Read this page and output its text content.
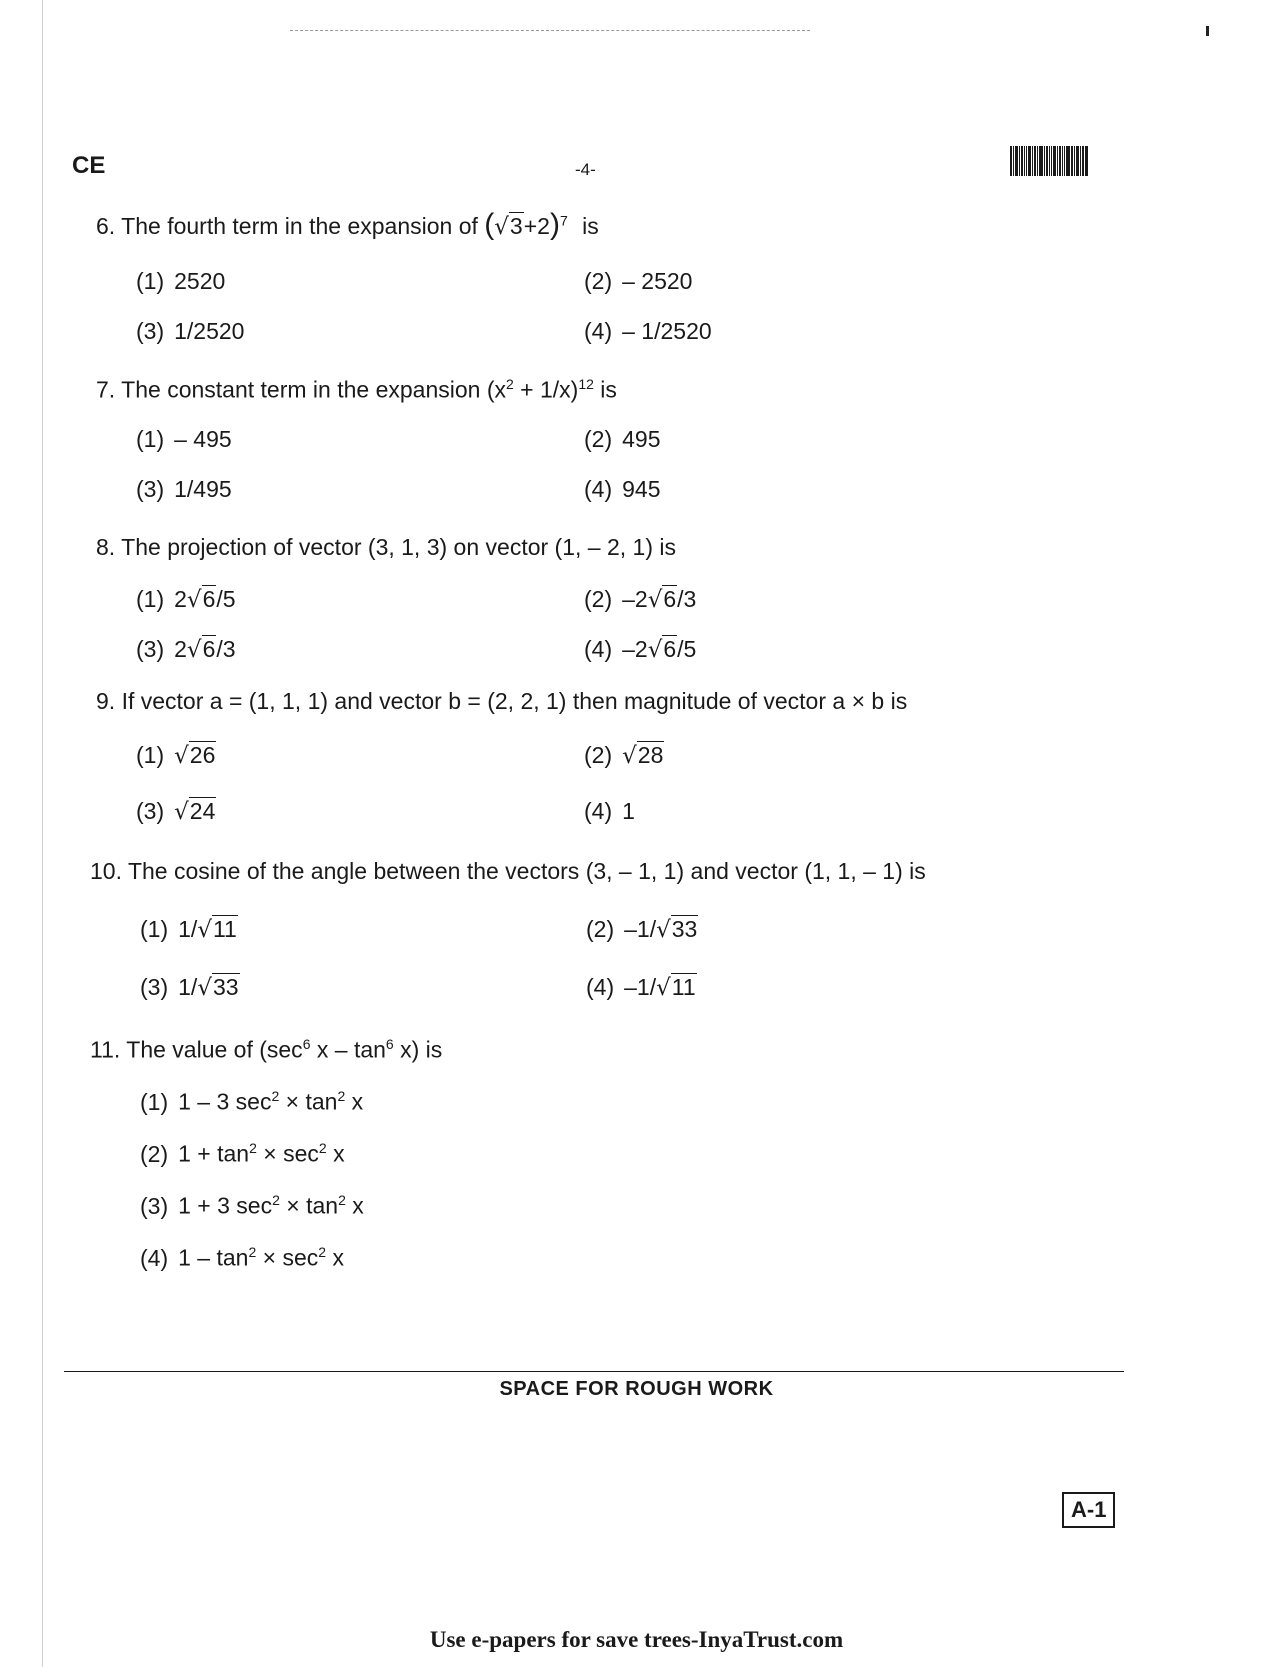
CE	-4-
6. The fourth term in the expansion of $(√3+2)^7$ is
(1) 2520	(2) – 2520
(3) 1/2520	(4) – 1/2520
7. The constant term in the expansion $(x^2 + 1/x)^{12}$ is
(1) – 495	(2) 495
(3) 1/495	(4) 945
8. The projection of vector (3, 1, 3) on vector (1, – 2, 1) is
(1) 2√6/5	(2) –2√6/3
(3) 2√6/3	(4) –2√6/5
9. If vector a = (1, 1, 1) and vector b = (2, 2, 1) then magnitude of vector a × b is
(1) √26	(2) √28
(3) √24	(4) 1
10. The cosine of the angle between the vectors (3, – 1, 1) and vector (1, 1, – 1) is
(1) 1/√11	(2) –1/√33
(3) 1/√33	(4) –1/√11
11. The value of ($\sec^6$ x – $\tan^6 x$) is
(1) 1 – 3 $\sec^2 \times \tan^2 x$
(2) $1 + \tan^2 \times \sec^2 x$
(3) 1 + 3 $\sec^2 \times \tan^2 x$
(4) $1 - \tan^2 \times \sec^2 x$
SPACE FOR ROUGH WORK
A-1
Use e-papers for save trees-InyaTrust.com
